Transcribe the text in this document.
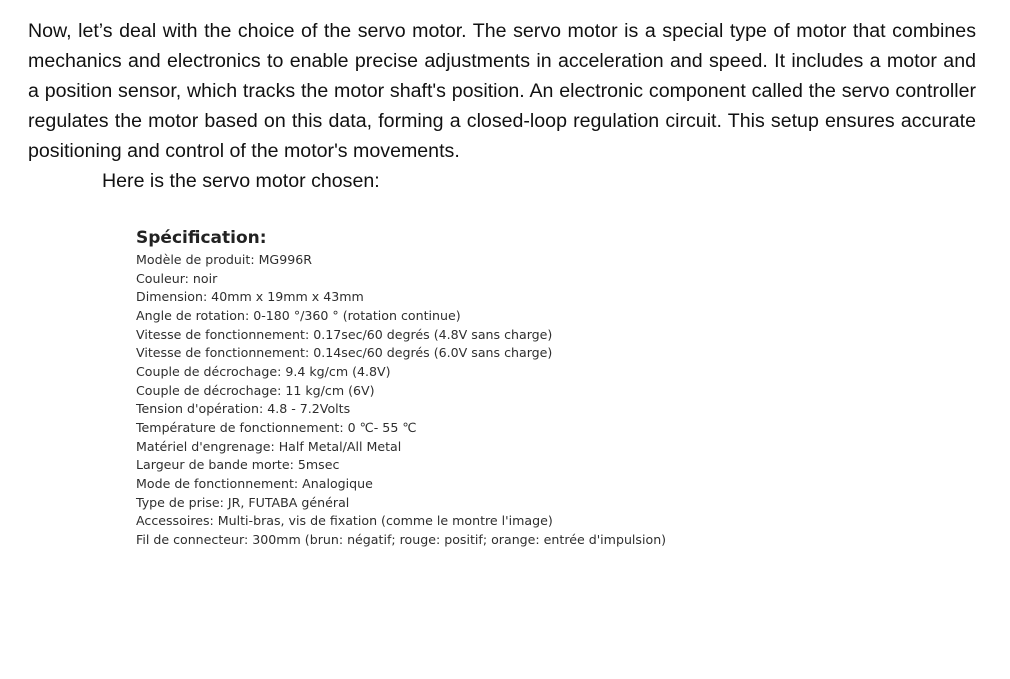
Now, let’s deal with the choice of the servo motor. The servo motor is a special type of motor that combines mechanics and electronics to enable precise adjustments in acceleration and speed. It includes a motor and a position sensor, which tracks the motor shaft's position. An electronic component called the servo controller regulates the motor based on this data, forming a closed-loop regulation circuit. This setup ensures accurate positioning and control of the motor's movements.

Here is the servo motor chosen:

Spécification:
Modèle de produit: MG996R
Couleur: noir
Dimension: 40mm x 19mm x 43mm
Angle de rotation: 0-180 °/360 ° (rotation continue)
Vitesse de fonctionnement: 0.17sec/60 degrés (4.8V sans charge)
Vitesse de fonctionnement: 0.14sec/60 degrés (6.0V sans charge)
Couple de décrochage: 9.4 kg/cm (4.8V)
Couple de décrochage: 11 kg/cm (6V)
Tension d'opération: 4.8 - 7.2Volts
Température de fonctionnement: 0 ℃- 55 ℃
Matériel d'engrenage: Half Metal/All Metal
Largeur de bande morte: 5msec
Mode de fonctionnement: Analogique
Type de prise: JR, FUTABA général
Accessoires: Multi-bras, vis de fixation (comme le montre l'image)
Fil de connecteur: 300mm (brun: négatif; rouge: positif; orange: entrée d'impulsion)
